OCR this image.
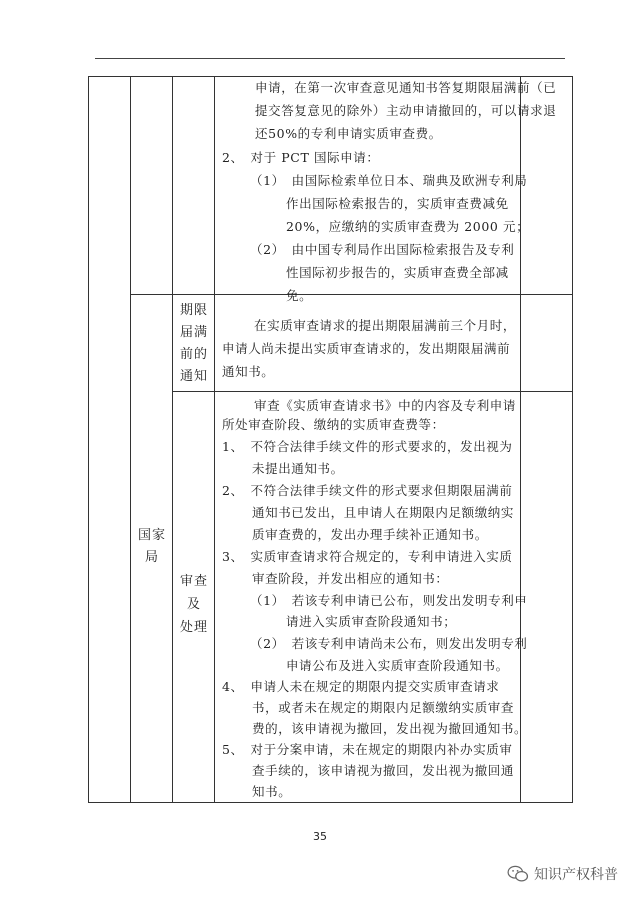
申请，在第一次审查意见通知书答复期限届满前（已
提交答复意见的除外）主动申请撤回的，可以请求退
还50%的专利申请实质审查费。
2、　对于 PCT 国际申请：
（1）　由国际检索单位日本、瑞典及欧洲专利局
作出国际检索报告的，实质审查费减免
20%，应缴纳的实质审查费为 2000 元；
（2）　由中国专利局作出国际检索报告及专利
性国际初步报告的，实质审查费全部减
免。
期限
届满
前的
通知
在实质审查请求的提出期限届满前三个月时，
申请人尚未提出实质审查请求的，发出期限届满前
通知书。
国家
局
审查
及
处理
审查《实质审查请求书》中的内容及专利申请
所处审查阶段、缴纳的实质审查费等：
1、　不符合法律手续文件的形式要求的，发出视为
未提出通知书。
2、　不符合法律手续文件的形式要求但期限届满前
通知书已发出，且申请人在期限内足额缴纳实
质审查费的，发出办理手续补正通知书。
3、　实质审查请求符合规定的，专利申请进入实质
审查阶段，并发出相应的通知书：
（1）　若该专利申请已公布，则发出发明专利申
请进入实质审查阶段通知书；
（2）　若该专利申请尚未公布，则发出发明专利
申请公布及进入实质审查阶段通知书。
4、　申请人未在规定的期限内提交实质审查请求
书，或者未在规定的期限内足额缴纳实质审查
费的，该申请视为撤回，发出视为撤回通知书。
5、　对于分案申请，未在规定的期限内补办实质审
查手续的，该申请视为撤回，发出视为撤回通
知书。
35
知识产权科普
